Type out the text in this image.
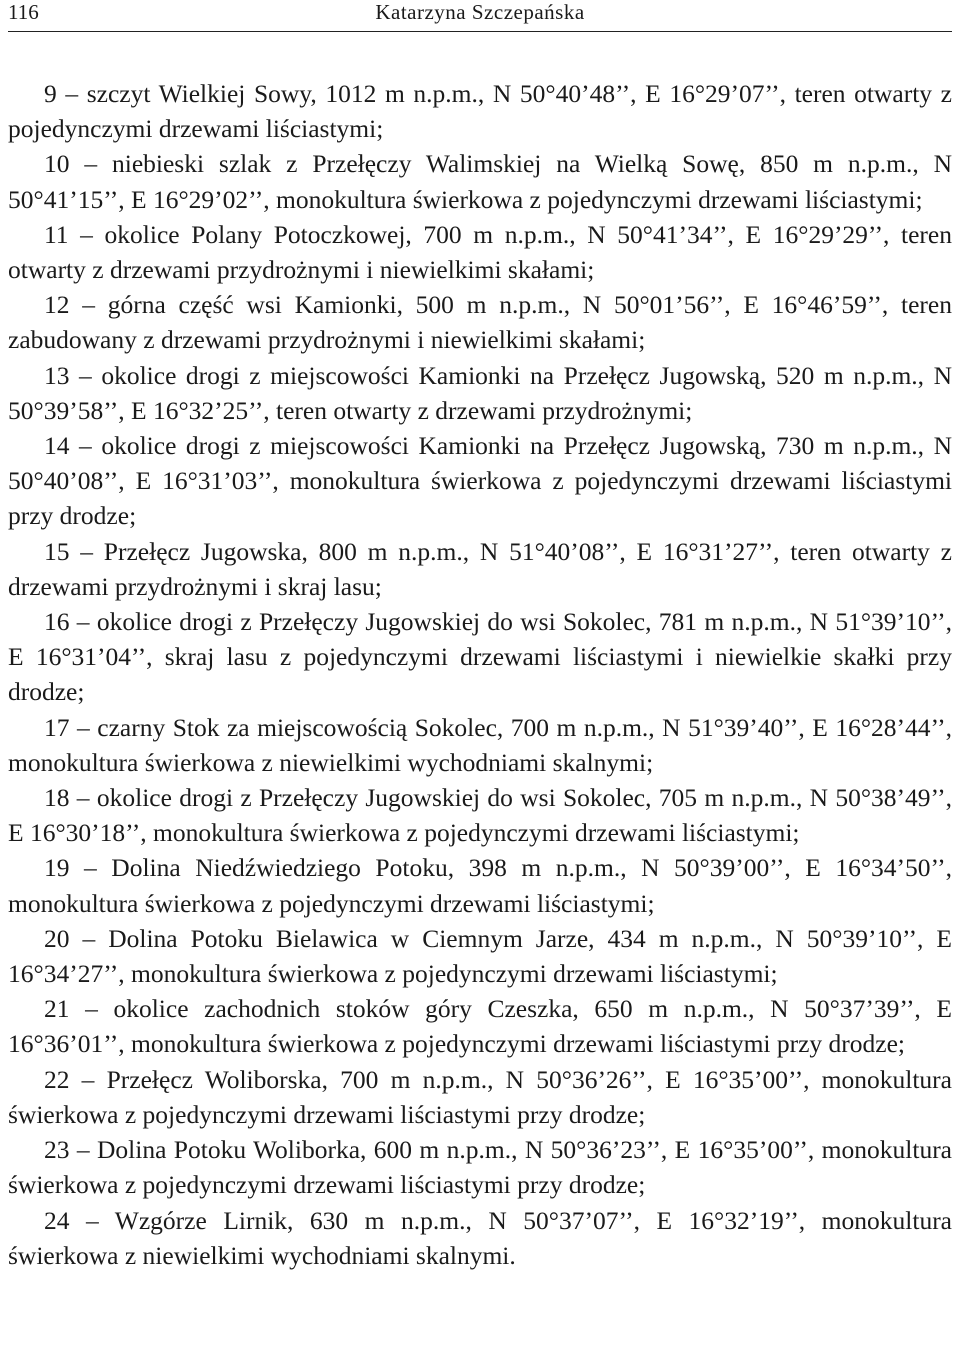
116	Katarzyna Szczepańska

9 – szczyt Wielkiej Sowy, 1012 m n.p.m., N 50°40’48’’, E 16°29’07’’, teren otwarty z pojedynczymi drzewami liściastymi;

10 – niebieski szlak z Przełęczy Walimskiej na Wielką Sowę, 850 m n.p.m., N 50°41’15’’, E 16°29’02’’, monokultura świerkowa z pojedynczymi drzewami liściastymi;

11 – okolice Polany Potoczkowej, 700 m n.p.m., N 50°41’34’’, E 16°29’29’’, teren otwarty z drzewami przydrożnymi i niewielkimi skałami;

12 – górna część wsi Kamionki, 500 m n.p.m., N 50°01’56’’, E 16°46’59’’, teren zabudowany z drzewami przydrożnymi i niewielkimi skałami;

13 – okolice drogi z miejscowości Kamionki na Przełęcz Jugowską, 520 m n.p.m., N 50°39’58’’, E 16°32’25’’, teren otwarty z drzewami przydrożnymi;

14 – okolice drogi z miejscowości Kamionki na Przełęcz Jugowską, 730 m n.p.m., N 50°40’08’’, E 16°31’03’’, monokultura świerkowa z pojedynczymi drzewami liściastymi przy drodze;

15 – Przełęcz Jugowska, 800 m n.p.m., N 51°40’08’’, E 16°31’27’’, teren otwarty z drzewami przydrożnymi i skraj lasu;

16 – okolice drogi z Przełęczy Jugowskiej do wsi Sokolec, 781 m n.p.m., N 51°39’10’’, E 16°31’04’’, skraj lasu z pojedynczymi drzewami liściastymi i niewielkie skałki przy drodze;

17 – czarny Stok za miejscowością Sokolec, 700 m n.p.m., N 51°39’40’’, E 16°28’44’’, monokultura świerkowa z niewielkimi wychodniami skalnymi;

18 – okolice drogi z Przełęczy Jugowskiej do wsi Sokolec, 705 m n.p.m., N 50°38’49’’, E 16°30’18’’, monokultura świerkowa z pojedynczymi drzewami liściastymi;

19 – Dolina Niedźwiedziego Potoku, 398 m n.p.m., N 50°39’00’’, E 16°34’50’’, monokultura świerkowa z pojedynczymi drzewami liściastymi;

20 – Dolina Potoku Bielawica w Ciemnym Jarze, 434 m n.p.m., N 50°39’10’’, E 16°34’27’’, monokultura świerkowa z pojedynczymi drzewami liściastymi;

21 – okolice zachodnich stoków góry Czeszka, 650 m n.p.m., N 50°37’39’’, E 16°36’01’’, monokultura świerkowa z pojedynczymi drzewami liściastymi przy drodze;

22 – Przełęcz Woliborska, 700 m n.p.m., N 50°36’26’’, E 16°35’00’’, monokultura świerkowa z pojedynczymi drzewami liściastymi przy drodze;

23 – Dolina Potoku Woliborka, 600 m n.p.m., N 50°36’23’’, E 16°35’00’’, monokultura świerkowa z pojedynczymi drzewami liściastymi przy drodze;

24 – Wzgórze Lirnik, 630 m n.p.m., N 50°37’07’’, E 16°32’19’’, monokultura świerkowa z niewielkimi wychodniami skalnymi.
